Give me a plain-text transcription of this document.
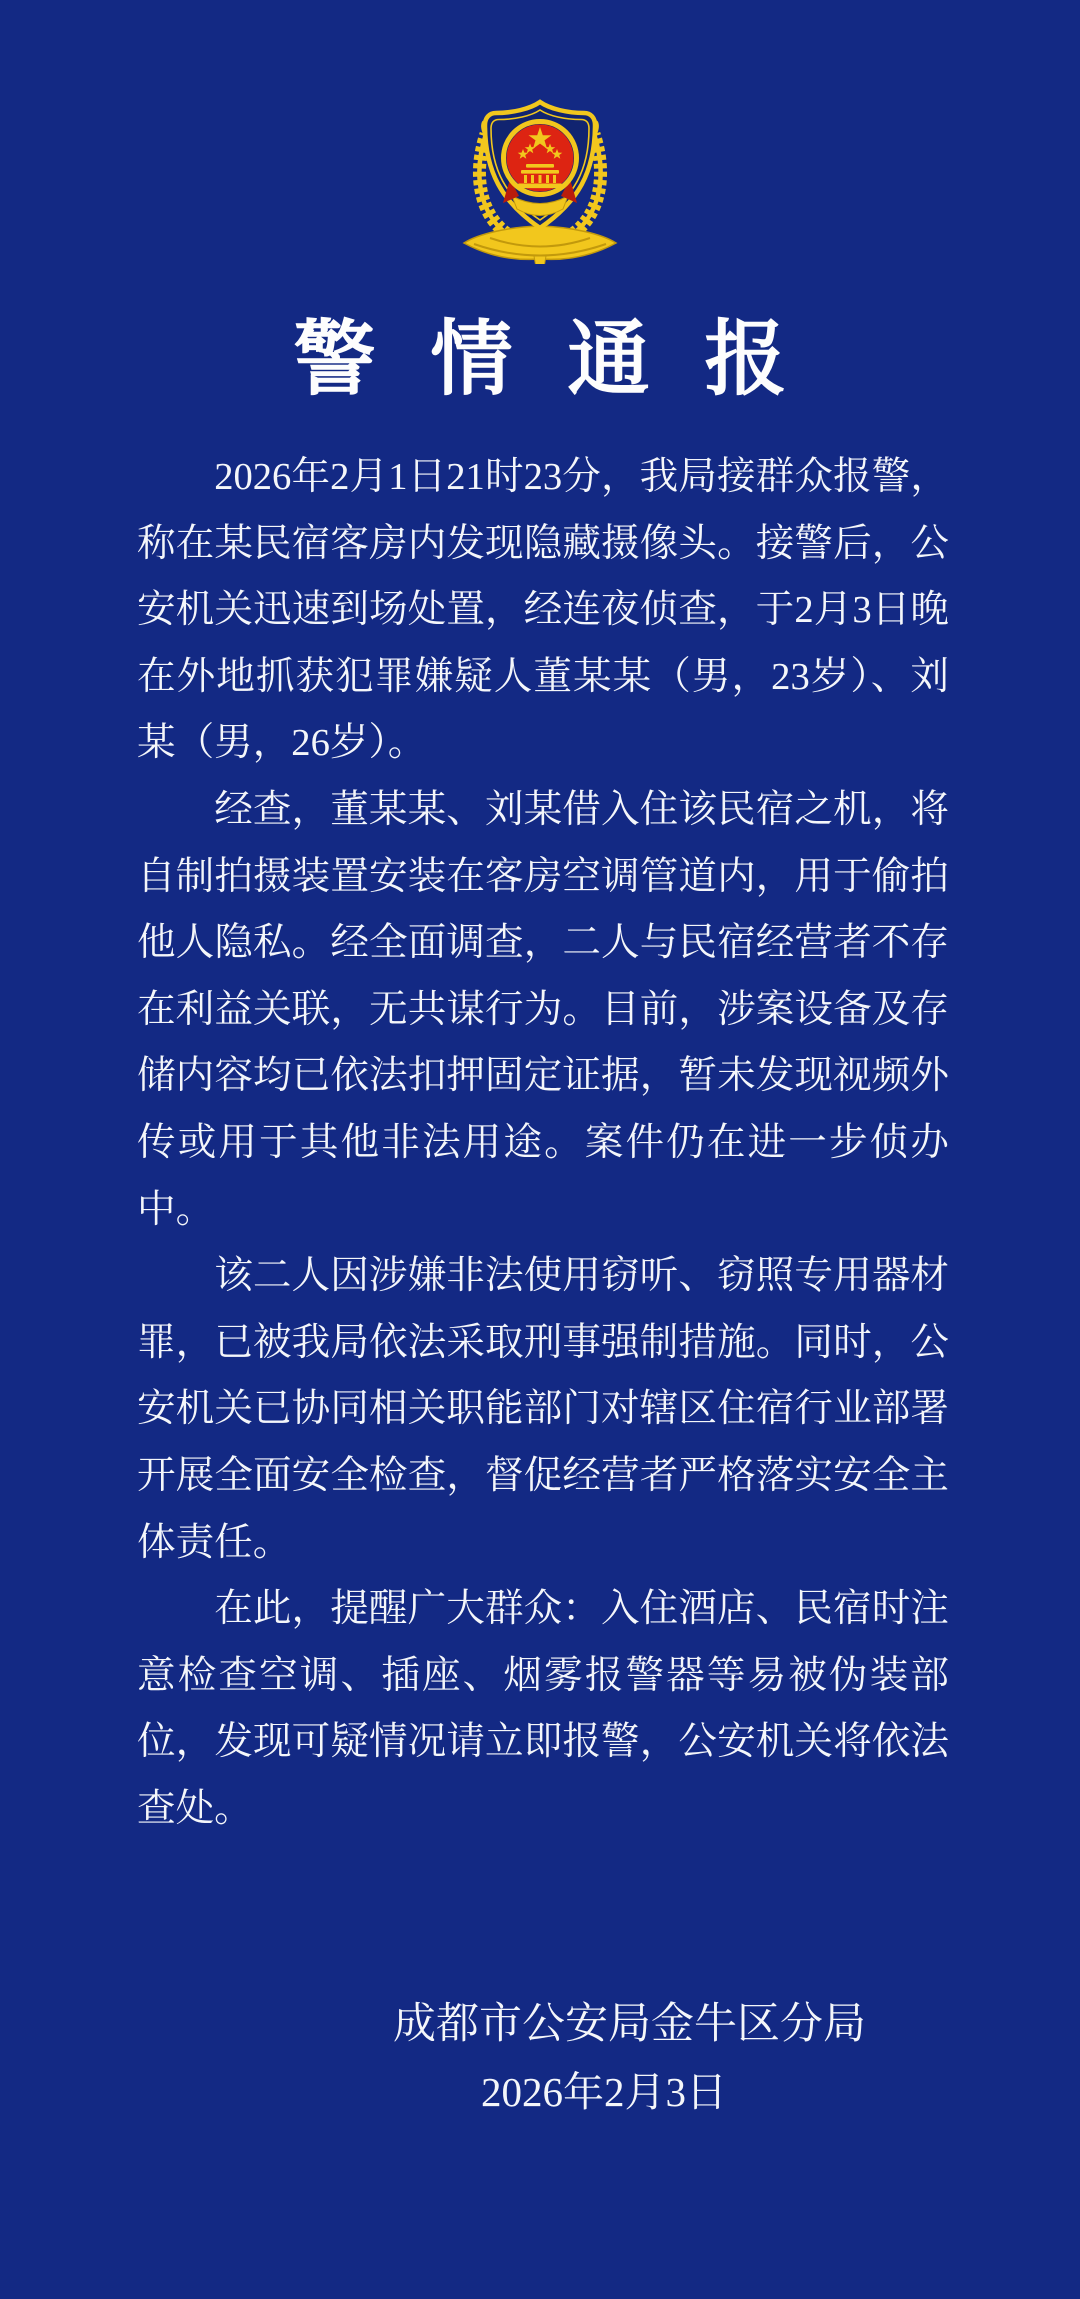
警情通报

2026年2月1日21时23分，我局接群众报警，称在某民宿客房内发现隐藏摄像头。接警后，公安机关迅速到场处置，经连夜侦查，于2月3日晚在外地抓获犯罪嫌疑人董某某（男，23岁）、刘某（男，26岁）。

经查，董某某、刘某借入住该民宿之机，将自制拍摄装置安装在客房空调管道内，用于偷拍他人隐私。经全面调查，二人与民宿经营者不存在利益关联，无共谋行为。目前，涉案设备及存储内容均已依法扣押固定证据，暂未发现视频外传或用于其他非法用途。案件仍在进一步侦办中。

该二人因涉嫌非法使用窃听、窃照专用器材罪，已被我局依法采取刑事强制措施。同时，公安机关已协同相关职能部门对辖区住宿行业部署开展全面安全检查，督促经营者严格落实安全主体责任。

在此，提醒广大群众：入住酒店、民宿时注意检查空调、插座、烟雾报警器等易被伪装部位，发现可疑情况请立即报警，公安机关将依法查处。

成都市公安局金牛区分局
2026年2月3日
